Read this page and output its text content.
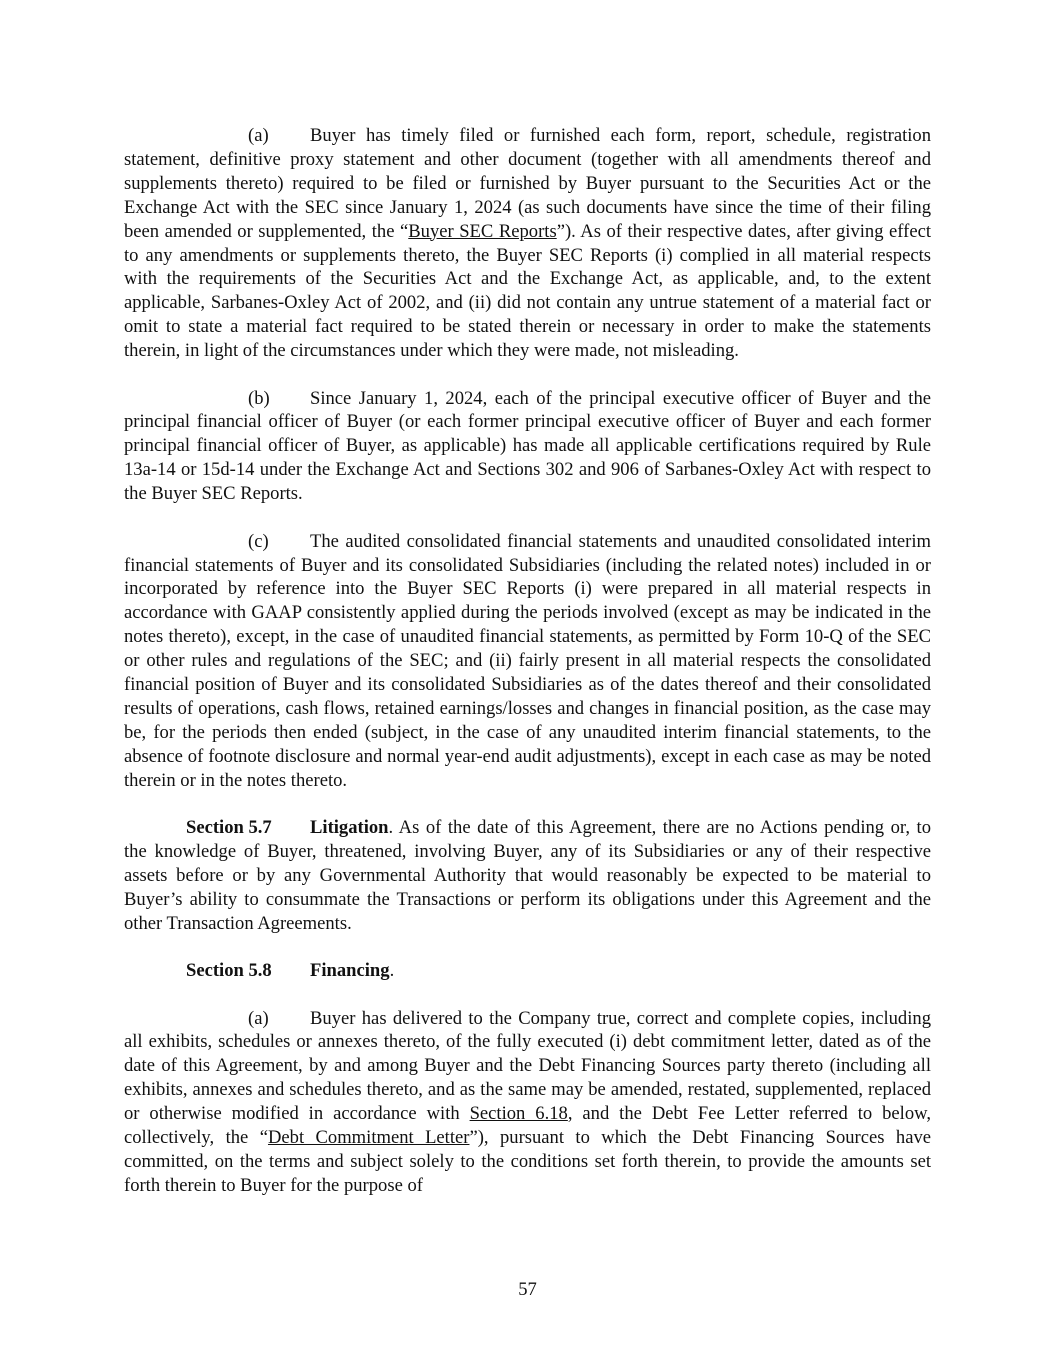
(a) Buyer has timely filed or furnished each form, report, schedule, registration statement, definitive proxy statement and other document (together with all amendments thereof and supplements thereto) required to be filed or furnished by Buyer pursuant to the Securities Act or the Exchange Act with the SEC since January 1, 2024 (as such documents have since the time of their filing been amended or supplemented, the “Buyer SEC Reports”). As of their respective dates, after giving effect to any amendments or supplements thereto, the Buyer SEC Reports (i) complied in all material respects with the requirements of the Securities Act and the Exchange Act, as applicable, and, to the extent applicable, Sarbanes-Oxley Act of 2002, and (ii) did not contain any untrue statement of a material fact or omit to state a material fact required to be stated therein or necessary in order to make the statements therein, in light of the circumstances under which they were made, not misleading.

(b) Since January 1, 2024, each of the principal executive officer of Buyer and the principal financial officer of Buyer (or each former principal executive officer of Buyer and each former principal financial officer of Buyer, as applicable) has made all applicable certifications required by Rule 13a-14 or 15d-14 under the Exchange Act and Sections 302 and 906 of Sarbanes-Oxley Act with respect to the Buyer SEC Reports.

(c) The audited consolidated financial statements and unaudited consolidated interim financial statements of Buyer and its consolidated Subsidiaries (including the related notes) included in or incorporated by reference into the Buyer SEC Reports (i) were prepared in all material respects in accordance with GAAP consistently applied during the periods involved (except as may be indicated in the notes thereto), except, in the case of unaudited financial statements, as permitted by Form 10-Q of the SEC or other rules and regulations of the SEC; and (ii) fairly present in all material respects the consolidated financial position of Buyer and its consolidated Subsidiaries as of the dates thereof and their consolidated results of operations, cash flows, retained earnings/losses and changes in financial position, as the case may be, for the periods then ended (subject, in the case of any unaudited interim financial statements, to the absence of footnote disclosure and normal year-end audit adjustments), except in each case as may be noted therein or in the notes thereto.

Section 5.7 Litigation. As of the date of this Agreement, there are no Actions pending or, to the knowledge of Buyer, threatened, involving Buyer, any of its Subsidiaries or any of their respective assets before or by any Governmental Authority that would reasonably be expected to be material to Buyer’s ability to consummate the Transactions or perform its obligations under this Agreement and the other Transaction Agreements.

Section 5.8 Financing.

(a) Buyer has delivered to the Company true, correct and complete copies, including all exhibits, schedules or annexes thereto, of the fully executed (i) debt commitment letter, dated as of the date of this Agreement, by and among Buyer and the Debt Financing Sources party thereto (including all exhibits, annexes and schedules thereto, and as the same may be amended, restated, supplemented, replaced or otherwise modified in accordance with Section 6.18, and the Debt Fee Letter referred to below, collectively, the “Debt Commitment Letter”), pursuant to which the Debt Financing Sources have committed, on the terms and subject solely to the conditions set forth therein, to provide the amounts set forth therein to Buyer for the purpose of

57
